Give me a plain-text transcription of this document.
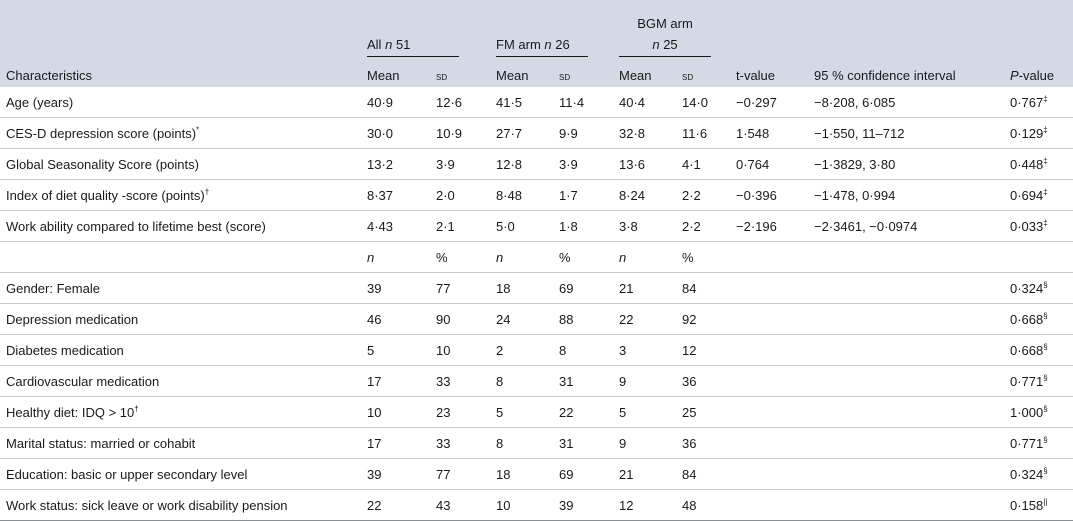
					BGM arm				
	All n 51		FM arm n 26		n 25				
Characteristics	Mean	sd	Mean	sd	Mean	sd	t-value	95 % confidence interval	P-value
Age (years)	40·9	12·6	41·5	11·4	40·4	14·0	−0·297	−8·208, 6·085	0·767‡
CES-D depression score (points)*	30·0	10·9	27·7	9·9	32·8	11·6	1·548	−1·550, 11–712	0·129‡
Global Seasonality Score (points)	13·2	3·9	12·8	3·9	13·6	4·1	0·764	−1·3829, 3·80	0·448‡
Index of diet quality -score (points)†	8·37	2·0	8·48	1·7	8·24	2·2	−0·396	−1·478, 0·994	0·694‡
Work ability compared to lifetime best (score)	4·43	2·1	5·0	1·8	3·8	2·2	−2·196	−2·3461, −0·0974	0·033‡
	n	%	n	%	n	%			
Gender: Female	39	77	18	69	21	84			0·324§
Depression medication	46	90	24	88	22	92			0·668§
Diabetes medication	5	10	2	8	3	12			0·668§
Cardiovascular medication	17	33	8	31	9	36			0·771§
Healthy diet: IDQ > 10†	10	23	5	22	5	25			1·000§
Marital status: married or cohabit	17	33	8	31	9	36			0·771§
Education: basic or upper secondary level	39	77	18	69	21	84			0·324§
Work status: sick leave or work disability pension	22	43	10	39	12	48			0·158||
